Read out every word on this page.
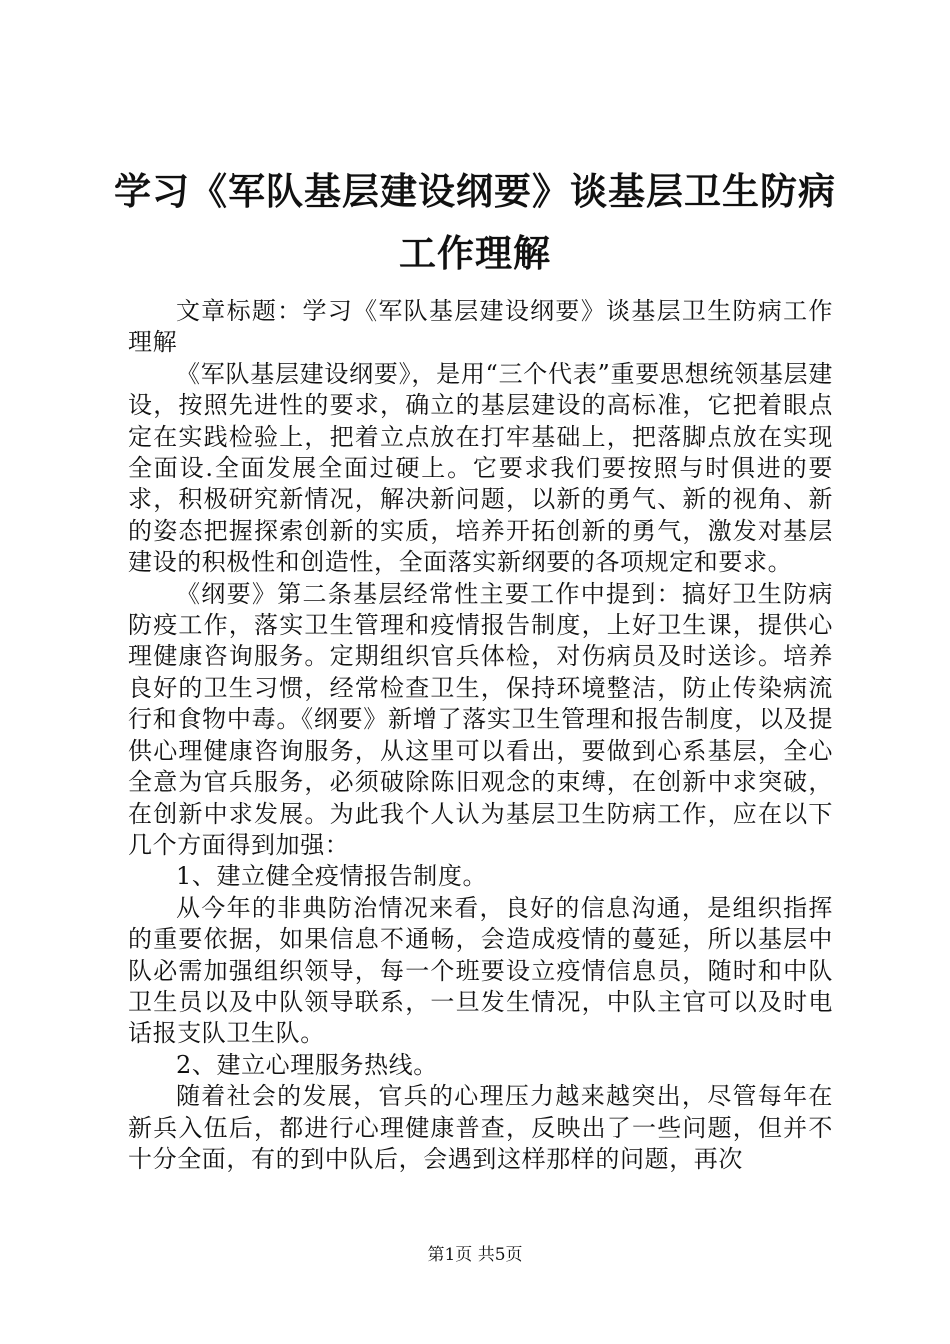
学习《军队基层建设纲要》谈基层卫生防病工作理解

文章标题：学习《军队基层建设纲要》谈基层卫生防病工作理解

《军队基层建设纲要》，是用“三个代表”重要思想统领基层建设，按照先进性的要求，确立的基层建设的高标准，它把着眼点定在实践检验上，把着立点放在打牢基础上，把落脚点放在实现全面设.全面发展全面过硬上。它要求我们要按照与时俱进的要求，积极研究新情况，解决新问题，以新的勇气、新的视角、新的姿态把握探索创新的实质，培养开拓创新的勇气，激发对基层建设的积极性和创造性，全面落实新纲要的各项规定和要求。

《纲要》第二条基层经常性主要工作中提到：搞好卫生防病防疫工作，落实卫生管理和疫情报告制度，上好卫生课，提供心理健康咨询服务。定期组织官兵体检，对伤病员及时送诊。培养良好的卫生习惯，经常检查卫生，保持环境整洁，防止传染病流行和食物中毒。《纲要》新增了落实卫生管理和报告制度，以及提供心理健康咨询服务，从这里可以看出，要做到心系基层，全心全意为官兵服务，必须破除陈旧观念的束缚，在创新中求突破，在创新中求发展。为此我个人认为基层卫生防病工作，应在以下几个方面得到加强：

1、建立健全疫情报告制度。

从今年的非典防治情况来看，良好的信息沟通，是组织指挥的重要依据，如果信息不通畅，会造成疫情的蔓延，所以基层中队必需加强组织领导，每一个班要设立疫情信息员，随时和中队卫生员以及中队领导联系，一旦发生情况，中队主官可以及时电话报支队卫生队。

2、建立心理服务热线。

随着社会的发展，官兵的心理压力越来越突出，尽管每年在新兵入伍后，都进行心理健康普查，反映出了一些问题，但并不十分全面，有的到中队后，会遇到这样那样的问题，再次

第1页 共5页
